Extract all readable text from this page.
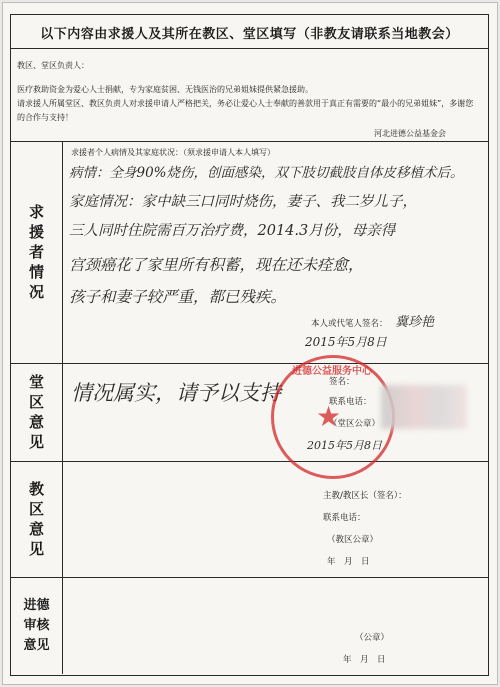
以下内容由求援人及其所在教区、堂区填写（非教友请联系当地教会）
教区、堂区负责人：
医疗救助资金为爱心人士捐献，专为家庭贫困、无钱医治的兄弟姐妹提供紧急援助。
请求援人所属堂区、教区负责人对求援申请人严格把关，务必让爱心人士奉献的善款用于真正有需要的“最小的兄弟姐妹”，多谢您的合作与支持！
河北进德公益基金会
求
援
者
情
况
求援者个人病情及其家庭状况：（须求援申请人本人填写）
病情：全身90%烧伤，创面感染，双下肢切截肢自体皮移植术后。
家庭情况：家中缺三口同时烧伤，妻子、我二岁儿子，
三人同时住院需百万治疗费，2014.3月份，母亲得
宫颈癌花了家里所有积蓄，现在还未痊愈，
孩子和妻子较严重，都已残疾。
本人或代笔人签名： 冀珍艳
2015年5月8日
堂
区
意
见
情况属实，请予以支持	签名：
联系电话：
（堂区公章）
2015年5月8日
教
区
意
见
主教/教区长（签名）：
联系电话：
（教区公章）
年　月　日
进德
审核
意见	（公章）
年　月　日
进德公益服务中心
★
